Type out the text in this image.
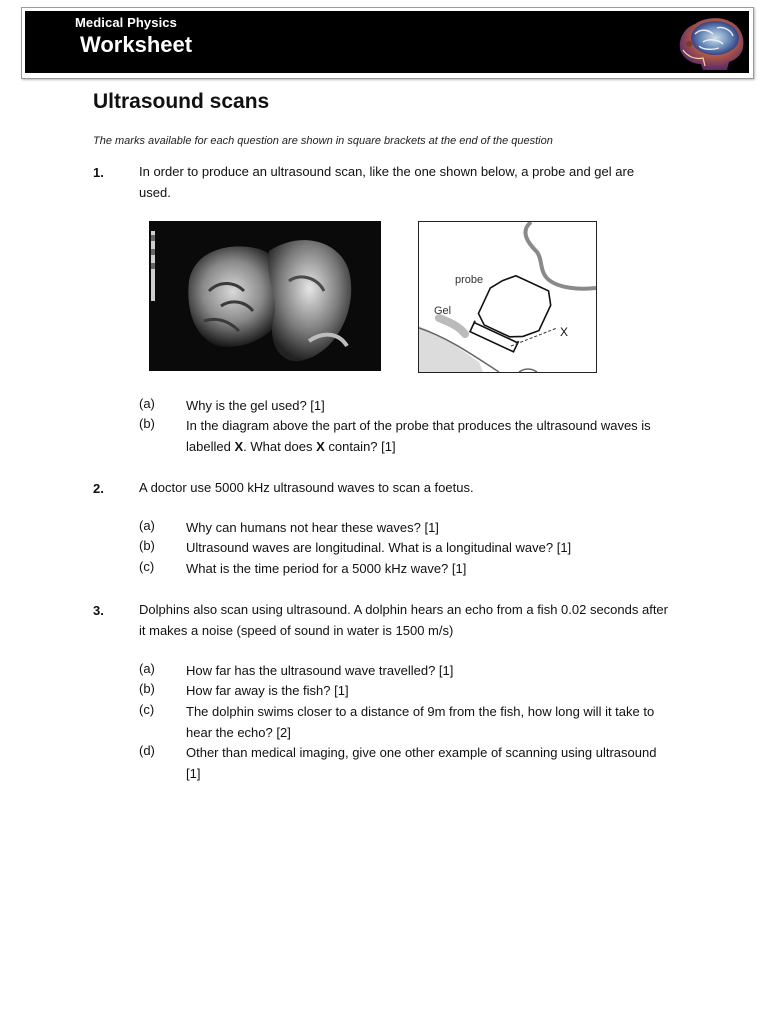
Medical Physics
Worksheet
Ultrasound scans
The marks available for each question are shown in square brackets at the end of the question
1.	In order to produce an ultrasound scan, like the one shown below, a probe and gel are used.
probe
Gel
X
(a) Why is the gel used? [1]
(b) In the diagram above the part of the probe that produces the ultrasound waves is labelled X. What does X contain? [1]
2.	A doctor use 5000 kHz ultrasound waves to scan a foetus.
(a) Why can humans not hear these waves? [1]
(b) Ultrasound waves are longitudinal. What is a longitudinal wave? [1]
(c) What is the time period for a 5000 kHz wave? [1]
3.	Dolphins also scan using ultrasound. A dolphin hears an echo from a fish 0.02 seconds after it makes a noise (speed of sound in water is 1500 m/s)
(a) How far has the ultrasound wave travelled? [1]
(b) How far away is the fish? [1]
(c) The dolphin swims closer to a distance of 9m from the fish, how long will it take to hear the echo? [2]
(d) Other than medical imaging, give one other example of scanning using ultrasound [1]
